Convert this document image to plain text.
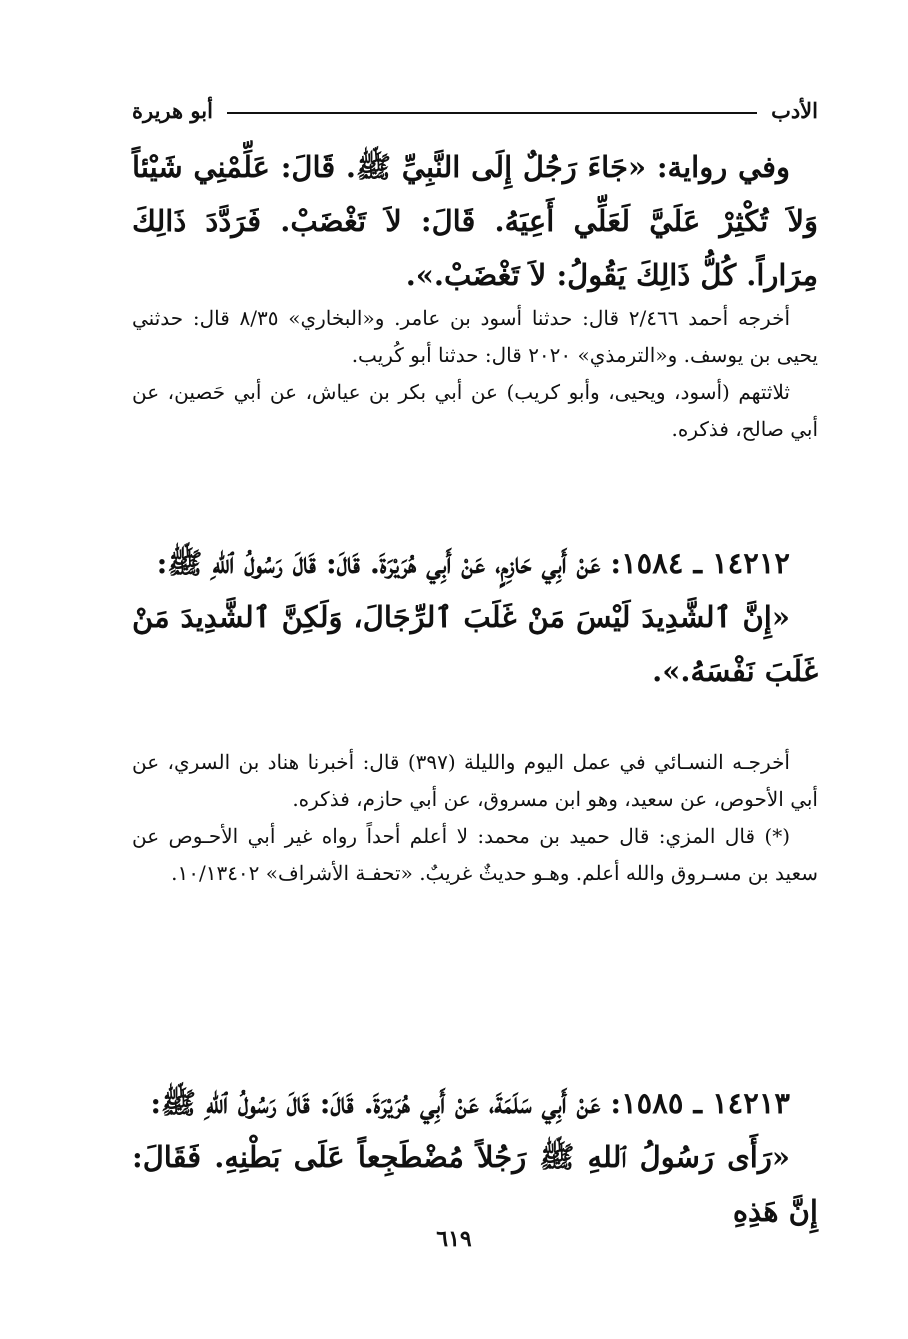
الأدب
أبو هريرة

وفي رواية: «جَاءَ رَجُلٌ إِلَى النَّبِيِّ ﷺ. قَالَ: عَلِّمْنِي شَيْئاً وَلاَ تُكْثِرْ عَلَيَّ لَعَلِّي أَعِيَهُ. قَالَ: لاَ تَغْضَبْ. فَرَدَّدَ ذَالِكَ مِرَاراً. كُلُّ ذَالِكَ يَقُولُ: لاَ تَغْضَبْ.».

أخرجه أحمد ٢/٤٦٦ قال: حدثنا أسود بن عامر. و«البخاري» ٨/٣٥ قال: حدثني يحيى بن يوسف. و«الترمذي» ٢٠٢٠ قال: حدثنا أبو كُريب.

ثلاثتهم (أسود، ويحيى، وأبو كريب) عن أبي بكر بن عياش، عن أبي حَصين، عن أبي صالح، فذكره.

١٤٢١٢ ـ ١٥٨٤: عَنْ أَبِي حَازِمٍ، عَنْ أَبِي هُرَيْرَةَ. قَالَ: قَالَ رَسُولُ ٱللهِ ﷺ:

«إِنَّ ٱلشَّدِيدَ لَيْسَ مَنْ غَلَبَ ٱلرِّجَالَ، وَلَكِنَّ ٱلشَّدِيدَ مَنْ غَلَبَ نَفْسَهُ.».

أخرجـه النسـائي في عمل اليوم والليلة (٣٩٧) قال: أخبرنا هناد بن السري، عن أبي الأحوص، عن سعيد، وهو ابن مسروق، عن أبي حازم، فذكره.

(*) قال المزي: قال حميد بن محمد: لا أعلم أحداً رواه غير أبي الأحـوص عن سعيد بن مسـروق والله أعلم. وهـو حديثٌ غريبٌ. «تحفـة الأشراف» ١٠/١٣٤٠٢.

١٤٢١٣ ـ ١٥٨٥: عَنْ أَبِي سَلَمَةَ، عَنْ أَبِي هُرَيْرَةَ. قَالَ: قَالَ رَسُولُ ٱللهِ ﷺ:

«رَأَى رَسُولُ ٱللهِ ﷺ رَجُلاً مُضْطَجِعاً عَلَى بَطْنِهِ. فَقَالَ: إِنَّ هَذِهِ

٦١٩
